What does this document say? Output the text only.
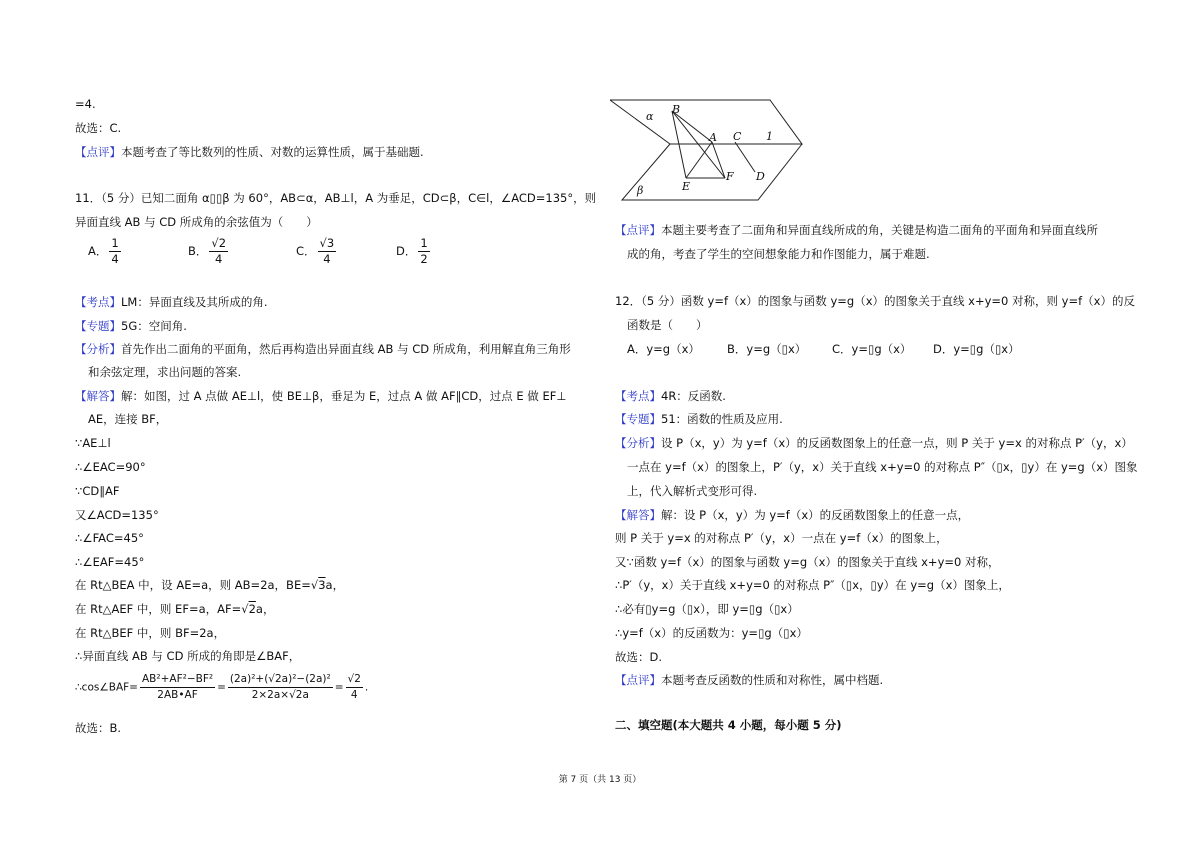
=4.
故选：C.
【点评】本题考查了等比数列的性质、对数的运算性质，属于基础题.
11．（5 分）已知二面角 α▯▯β 为 60°，AB⊂α，AB⊥l，A 为垂足，CD⊂β，C∈l，∠ACD=135°，则
异面直线 AB 与 CD 所成角的余弦值为（　　）
A． $\frac{1}{4}$	B． $\frac{√2}{4}$	C． $\frac{√3}{4}$	D． $\frac{1}{2}$
【考点】LM：异面直线及其所成的角.
【专题】5G：空间角.
【分析】首先作出二面角的平面角，然后再构造出异面直线 AB 与 CD 所成角，利用解直角三角形
和余弦定理，求出问题的答案.
【解答】解：如图，过 A 点做 AE⊥l，使 BE⊥β，垂足为 E，过点 A 做 AF∥CD，过点 E 做 EF⊥
AE，连接 BF，
∵AE⊥l
∴∠EAC=90°
∵CD∥AF
又∠ACD=135°
∴∠FAC=45°
∴∠EAF=45°
在 Rt△BEA 中，设 AE=a，则 AB=2a，BE=√3a，
在 Rt△AEF 中，则 EF=a，AF=√2a，
在 Rt△BEF 中，则 BF=2a，
∴异面直线 AB 与 CD 所成的角即是∠BAF，
∴cos∠BAF= $\frac{\text{AB²+AF²−BF²}}{2AB•AF} = \frac{\text{(2a)²+(√2a)²−(2a)²}}{2\times 2a\times√2a} = \frac{√2}{4}$ .
故选：B.
α
β
B
A C 1
E
F D
【点评】本题主要考查了二面角和异面直线所成的角，关键是构造二面角的平面角和异面直线所
成的角，考查了学生的空间想象能力和作图能力，属于难题.
12．（5 分）函数 y=f（x）的图象与函数 y=g（x）的图象关于直线 x+y=0 对称，则 y=f（x）的反
函数是（　　）
A．y=g（x） B．y=g（▯x） C．y=▯g（x） D．y=▯g（▯x）
【考点】4R：反函数.
【专题】51：函数的性质及应用.
【分析】设 P（x，y）为 y=f（x）的反函数图象上的任意一点，则 P 关于 y=x 的对称点 P′（y，x）
一点在 y=f（x）的图象上，P′（y，x）关于直线 x+y=0 的对称点 P″（▯x，▯y）在 y=g（x）图象
上，代入解析式变形可得.
【解答】解：设 P（x，y）为 y=f（x）的反函数图象上的任意一点，
则 P 关于 y=x 的对称点 P′（y，x）一点在 y=f（x）的图象上，
又∵函数 y=f（x）的图象与函数 y=g（x）的图象关于直线 x+y=0 对称，
∴P′（y，x）关于直线 x+y=0 的对称点 P″（▯x，▯y）在 y=g（x）图象上，
∴必有▯y=g（▯x），即 y=▯g（▯x）
∴y=f（x）的反函数为：y=▯g（▯x）
故选：D.
【点评】本题考查反函数的性质和对称性，属中档题.
二、填空题(本大题共 4 小题，每小题 5 分)
第 7 页（共 13 页）
